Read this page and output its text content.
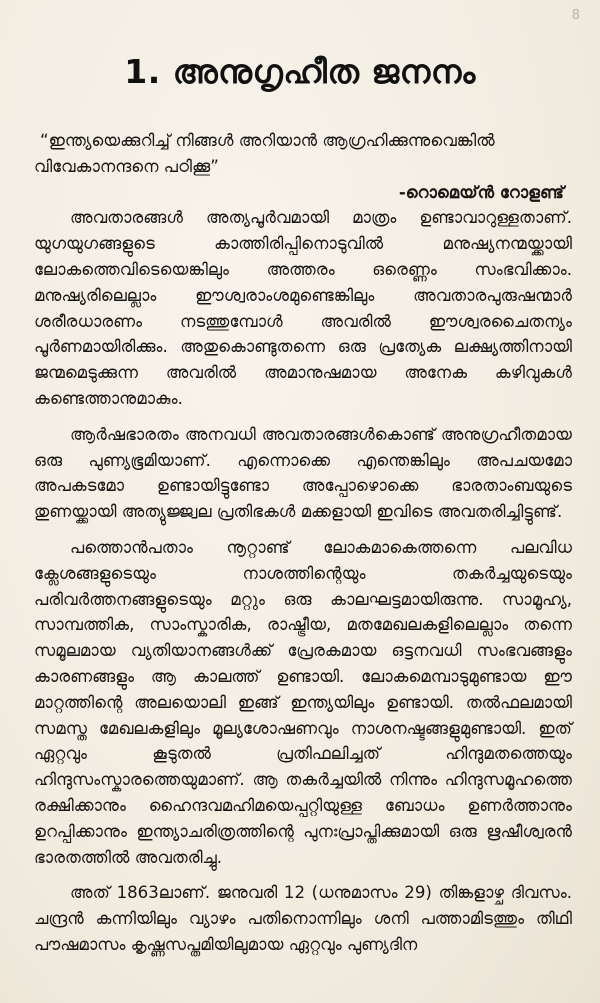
8
1. അനുഗൃഹീത ജനനം

“ഇന്ത്യയെക്കുറിച്ച് നിങ്ങൾ അറിയാൻ ആഗ്രഹിക്കുന്നുവെങ്കിൽ വിവേകാനന്ദനെ പഠിക്കൂ”

-റൊമെയ്ൻ റോളണ്ട്

അവതാരങ്ങൾ അത്യപൂർവമായി മാത്രം ഉണ്ടാവാറുള്ളതാണ്. യുഗയുഗങ്ങളുടെ കാത്തിരിപ്പിനൊടുവിൽ മനുഷ്യനന്മയ്ക്കായി ലോകത്തെവിടെയെങ്കിലും അത്തരം ഒരെണ്ണം സംഭവിക്കാം. മനുഷ്യരിലെല്ലാം ഈശ്വരാംശമുണ്ടെങ്കിലും അവതാരപുരുഷന്മാർ ശരീരധാരണം നടത്തുമ്പോൾ അവരിൽ ഈശ്വരചൈതന്യം പൂർണമായിരിക്കും. അതുകൊണ്ടുതന്നെ ഒരു പ്രത്യേക ലക്ഷ്യത്തിനായി ജന്മമെടുക്കുന്ന അവരിൽ അമാനുഷമായ അനേക കഴിവുകൾ കണ്ടെത്താനുമാകും.

ആർഷഭാരതം അനവധി അവതാരങ്ങൾകൊണ്ട് അനുഗ്രഹീതമായ ഒരു പുണ്യഭൂമിയാണ്. എന്നൊക്കെ എന്തെങ്കിലും അപചയമോ അപകടമോ ഉണ്ടായിട്ടുണ്ടോ അപ്പോഴൊക്കെ ഭാരതാംബയുടെ തുണയ്ക്കായി അത്യുജ്ജ്വല പ്രതിഭകൾ മക്കളായി ഇവിടെ അവതരിച്ചിട്ടുണ്ട്.

പത്തൊൻപതാം നൂറ്റാണ്ട് ലോകമാകെത്തന്നെ പലവിധ ക്ലേശങ്ങളുടെയും നാശത്തിന്റെയും തകർച്ചയുടെയും പരിവർത്തനങ്ങളുടെയും മറ്റും ഒരു കാലഘട്ടമായിരുന്നു. സാമൂഹ്യ, സാമ്പത്തിക, സാംസ്കാരിക, രാഷ്ട്രീയ, മതമേഖലകളിലെല്ലാം തന്നെ സമൂലമായ വ്യതിയാനങ്ങൾക്ക് പ്രേരകമായ ഒട്ടനവധി സംഭവങ്ങളും കാരണങ്ങളും ആ കാലത്ത് ഉണ്ടായി. ലോകമെമ്പാടുമുണ്ടായ ഈ മാറ്റത്തിന്റെ അലയൊലി ഇങ്ങ് ഇന്ത്യയിലും ഉണ്ടായി. തൽഫലമായി സമസ്ത മേഖലകളിലും മൂല്യശോഷണവും നാശനഷ്ടങ്ങളുമുണ്ടായി. ഇത് ഏറ്റവും കൂടുതൽ പ്രതിഫലിച്ചത് ഹിന്ദുമതത്തെയും ഹിന്ദുസംസ്കാരത്തെയുമാണ്. ആ തകർച്ചയിൽ നിന്നും ഹിന്ദുസമൂഹത്തെ രക്ഷിക്കാനും ഹൈന്ദവമഹിമയെപ്പറ്റിയുള്ള ബോധം ഉണർത്താനും ഉറപ്പിക്കാനും ഇന്ത്യാചരിത്രത്തിന്റെ പുനഃപ്രാപ്തിക്കുമായി ഒരു ഋഷീശ്വരൻ ഭാരതത്തിൽ അവതരിച്ചു.

അത് 1863ലാണ്. ജനുവരി 12 (ധനുമാസം 29) തിങ്കളാഴ്ച ദിവസം. ചന്ദ്രൻ കന്നിയിലും വ്യാഴം പതിനൊന്നിലും ശനി പത്താമിടത്തും തിഥി പൗഷമാസം കൃഷ്ണസപ്തമിയിലുമായ ഏറ്റവും പുണ്യദിന
